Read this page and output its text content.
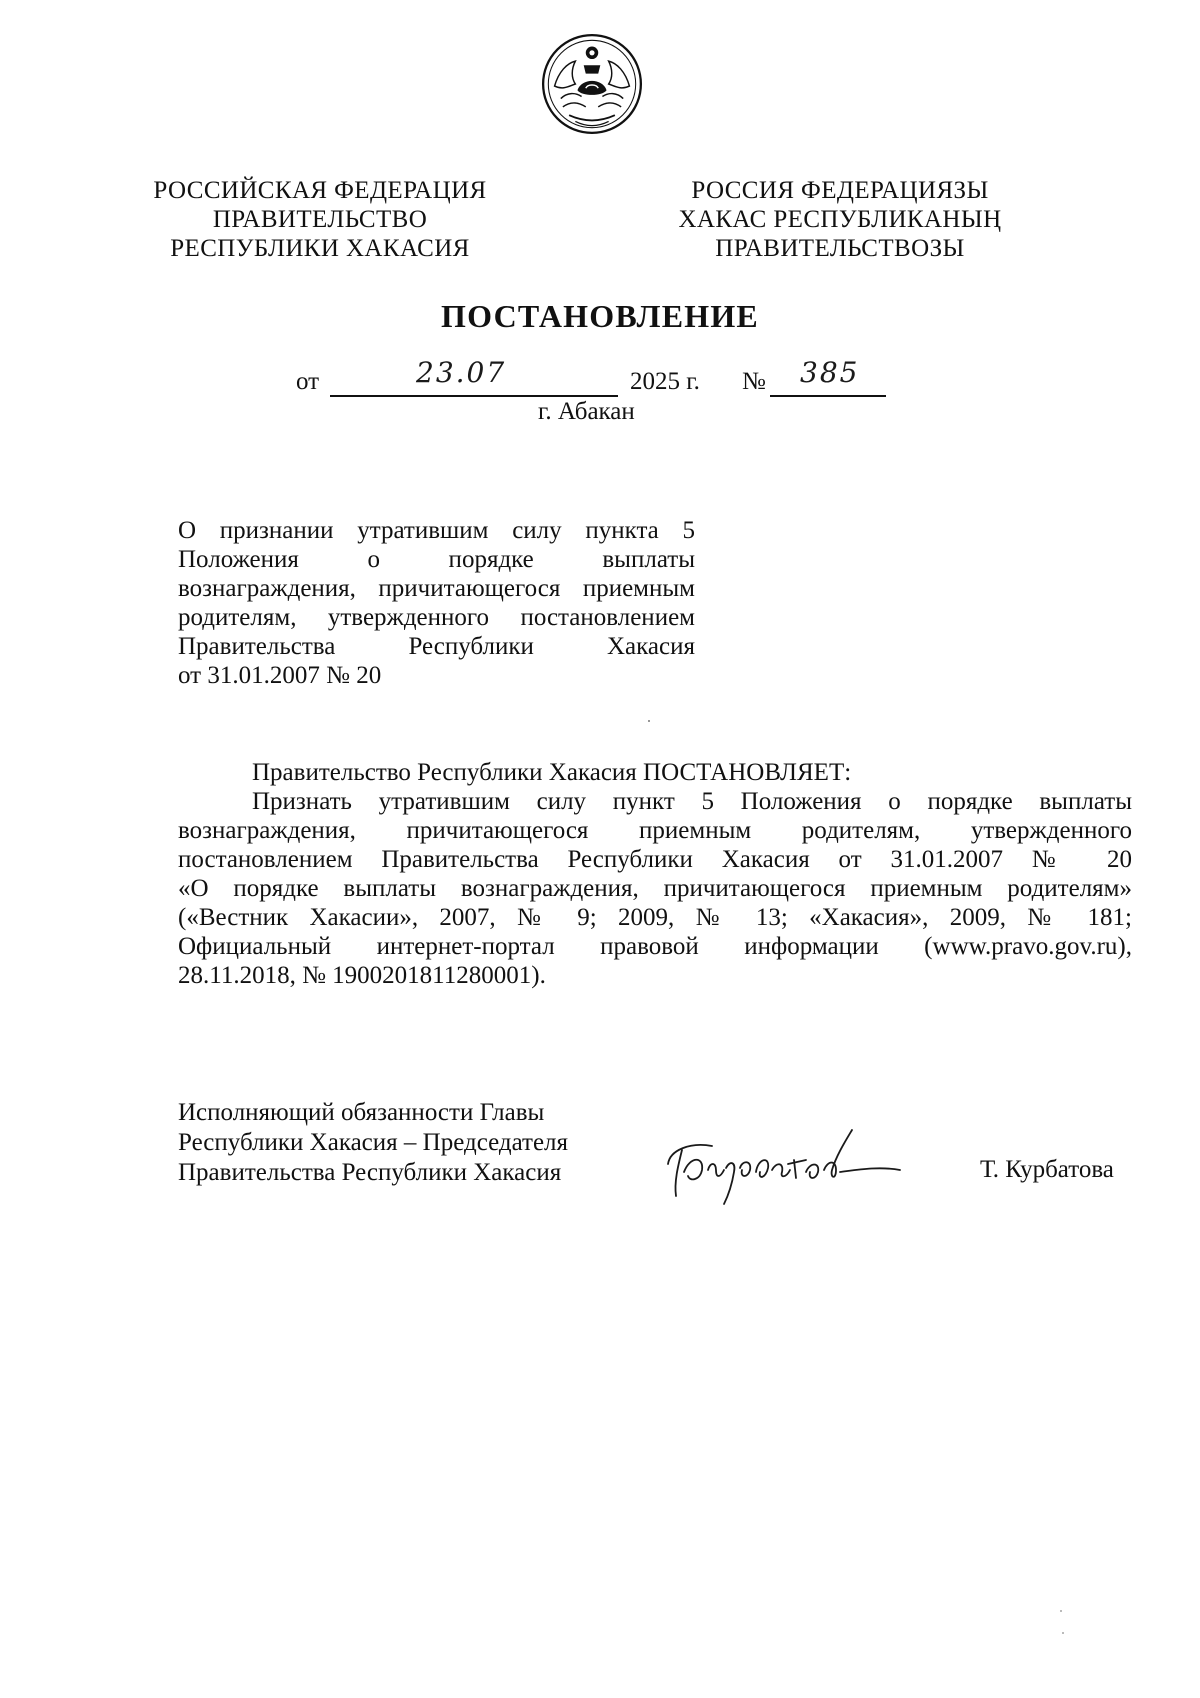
РОССИЙСКАЯ ФЕДЕРАЦИЯ
ПРАВИТЕЛЬСТВО
РЕСПУБЛИКИ ХАКАСИЯ
РОССИЯ ФЕДЕРАЦИЯЗЫ
ХАКАС РЕСПУБЛИКАНЫҢ
ПРАВИТЕЛЬСТВОЗЫ
ПОСТАНОВЛЕНИЕ
от	23.07	2025 г. № 385
г. Абакан
О признании утратившим силу пункта 5
Положения о порядке выплаты
вознаграждения, причитающегося приемным
родителям, утвержденного постановлением
Правительства Республики Хакасия
от 31.01.2007 № 20
Правительство Республики Хакасия ПОСТАНОВЛЯЕТ:
Признать утратившим силу пункт 5 Положения о порядке выплаты
вознаграждения, причитающегося приемным родителям, утвержденного
постановлением Правительства Республики Хакасия от 31.01.2007 № 20
«О порядке выплаты вознаграждения, причитающегося приемным родителям»
(«Вестник Хакасии», 2007, № 9; 2009, № 13; «Хакасия», 2009, № 181;
Официальный интернет-портал правовой информации (www.pravo.gov.ru),
28.11.2018, № 1900201811280001).
Исполняющий обязанности Главы
Республики Хакасия – Председателя
Правительства Республики Хакасия	Т. Курбатова
